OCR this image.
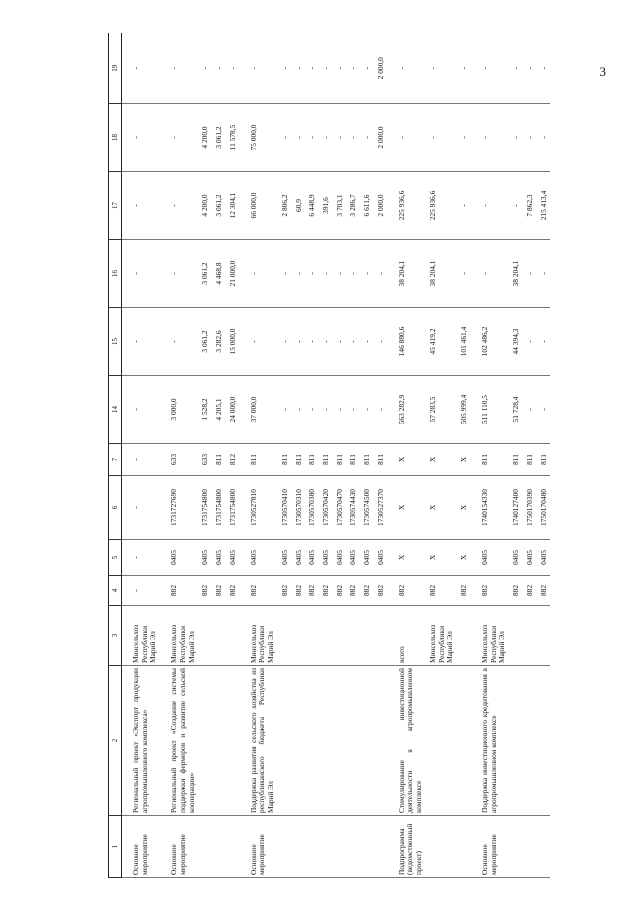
3
1	2	3	4	5	6	7	14	15	16	17	18	19
Основное мероприятие	Региональный проект «Экспорт продукции агропромышленного комплекса»	Минсельхоз Республики Марий Эл	-	-	-	-	-	-	-	-	-	-
Основное мероприятие	Региональный проект «Создание системы поддержки фермеров и развитие сельской кооперации»	Минсельхоз Республики Марий Эл	882	0405	1731727690	633	3 000,0	-	-	-	-	-
			882	0405	1731754800	633	1 528,2	3 061,2	3 061,2	4 200,0	4 200,0	-
			882	0405	1731754800	811	4 205,1	3 282,6	4 468,8	3 061,2	3 061,2	-
			882	0405	1731754800	812	24 000,0	15 000,0	21 000,0	12 304,1	11 578,5	-
Основное мероприятие	Поддержка развития сельского хозяйства из республиканского бюджета Республики Марий Эл	Минсельхоз Республики Марий Эл	882	0405	1730527810	811	37 000,0	-	-	66 000,0	75 000,0	-
			882	0405	1730570410	811	-	-	-	2 806,2	-	-
			882	0405	1730570310	811	-	-	-	60,9	-	-
			882	0405	1730570380	811	-	-	-	6 448,9	-	-
			882	0405	1730570420	811	-	-	-	391,6	-	-
			882	0405	1730570470	811	-	-	-	3 703,1	-	-
			882	0405	1730574430	811	-	-	-	3 286,7	-	-
			882	0405	1730574500	811	-	-	-	6 611,6	-	-
			882	0405	1730527370	811	-	-	-	2 000,0	2 000,0	2 000,0
Подпрограмма (ведомственный проект)	Стимулирование инвестиционной деятельности в агропромышленном комплексе	всего	882	X	X	X	563 282,9	146 880,6	38 204,1	225 936,6	-	-
		Минсельхоз Республики Марий Эл	882	X	X	X	57 283,5	45 419,2	38 204,1	225 936,6	-	-
			882	X	X	X	505 999,4	101 461,4	-	-	-	-
Основное мероприятие	Поддержка инвестиционного кредитования в агропромышленном комплексе	Минсельхоз Республики Марий Эл	882	0405	1740154330	811	511 110,5	102 486,2	-	-	-	-
			882	0405	1740127400	811	51 728,4	44 394,3	38 204,1	-	-	-
			882	0405	1750170390	811	-	-	-	7 862,3	-	-
			882	0405	1750170480	811	-	-	-	215 413,4	-	-
